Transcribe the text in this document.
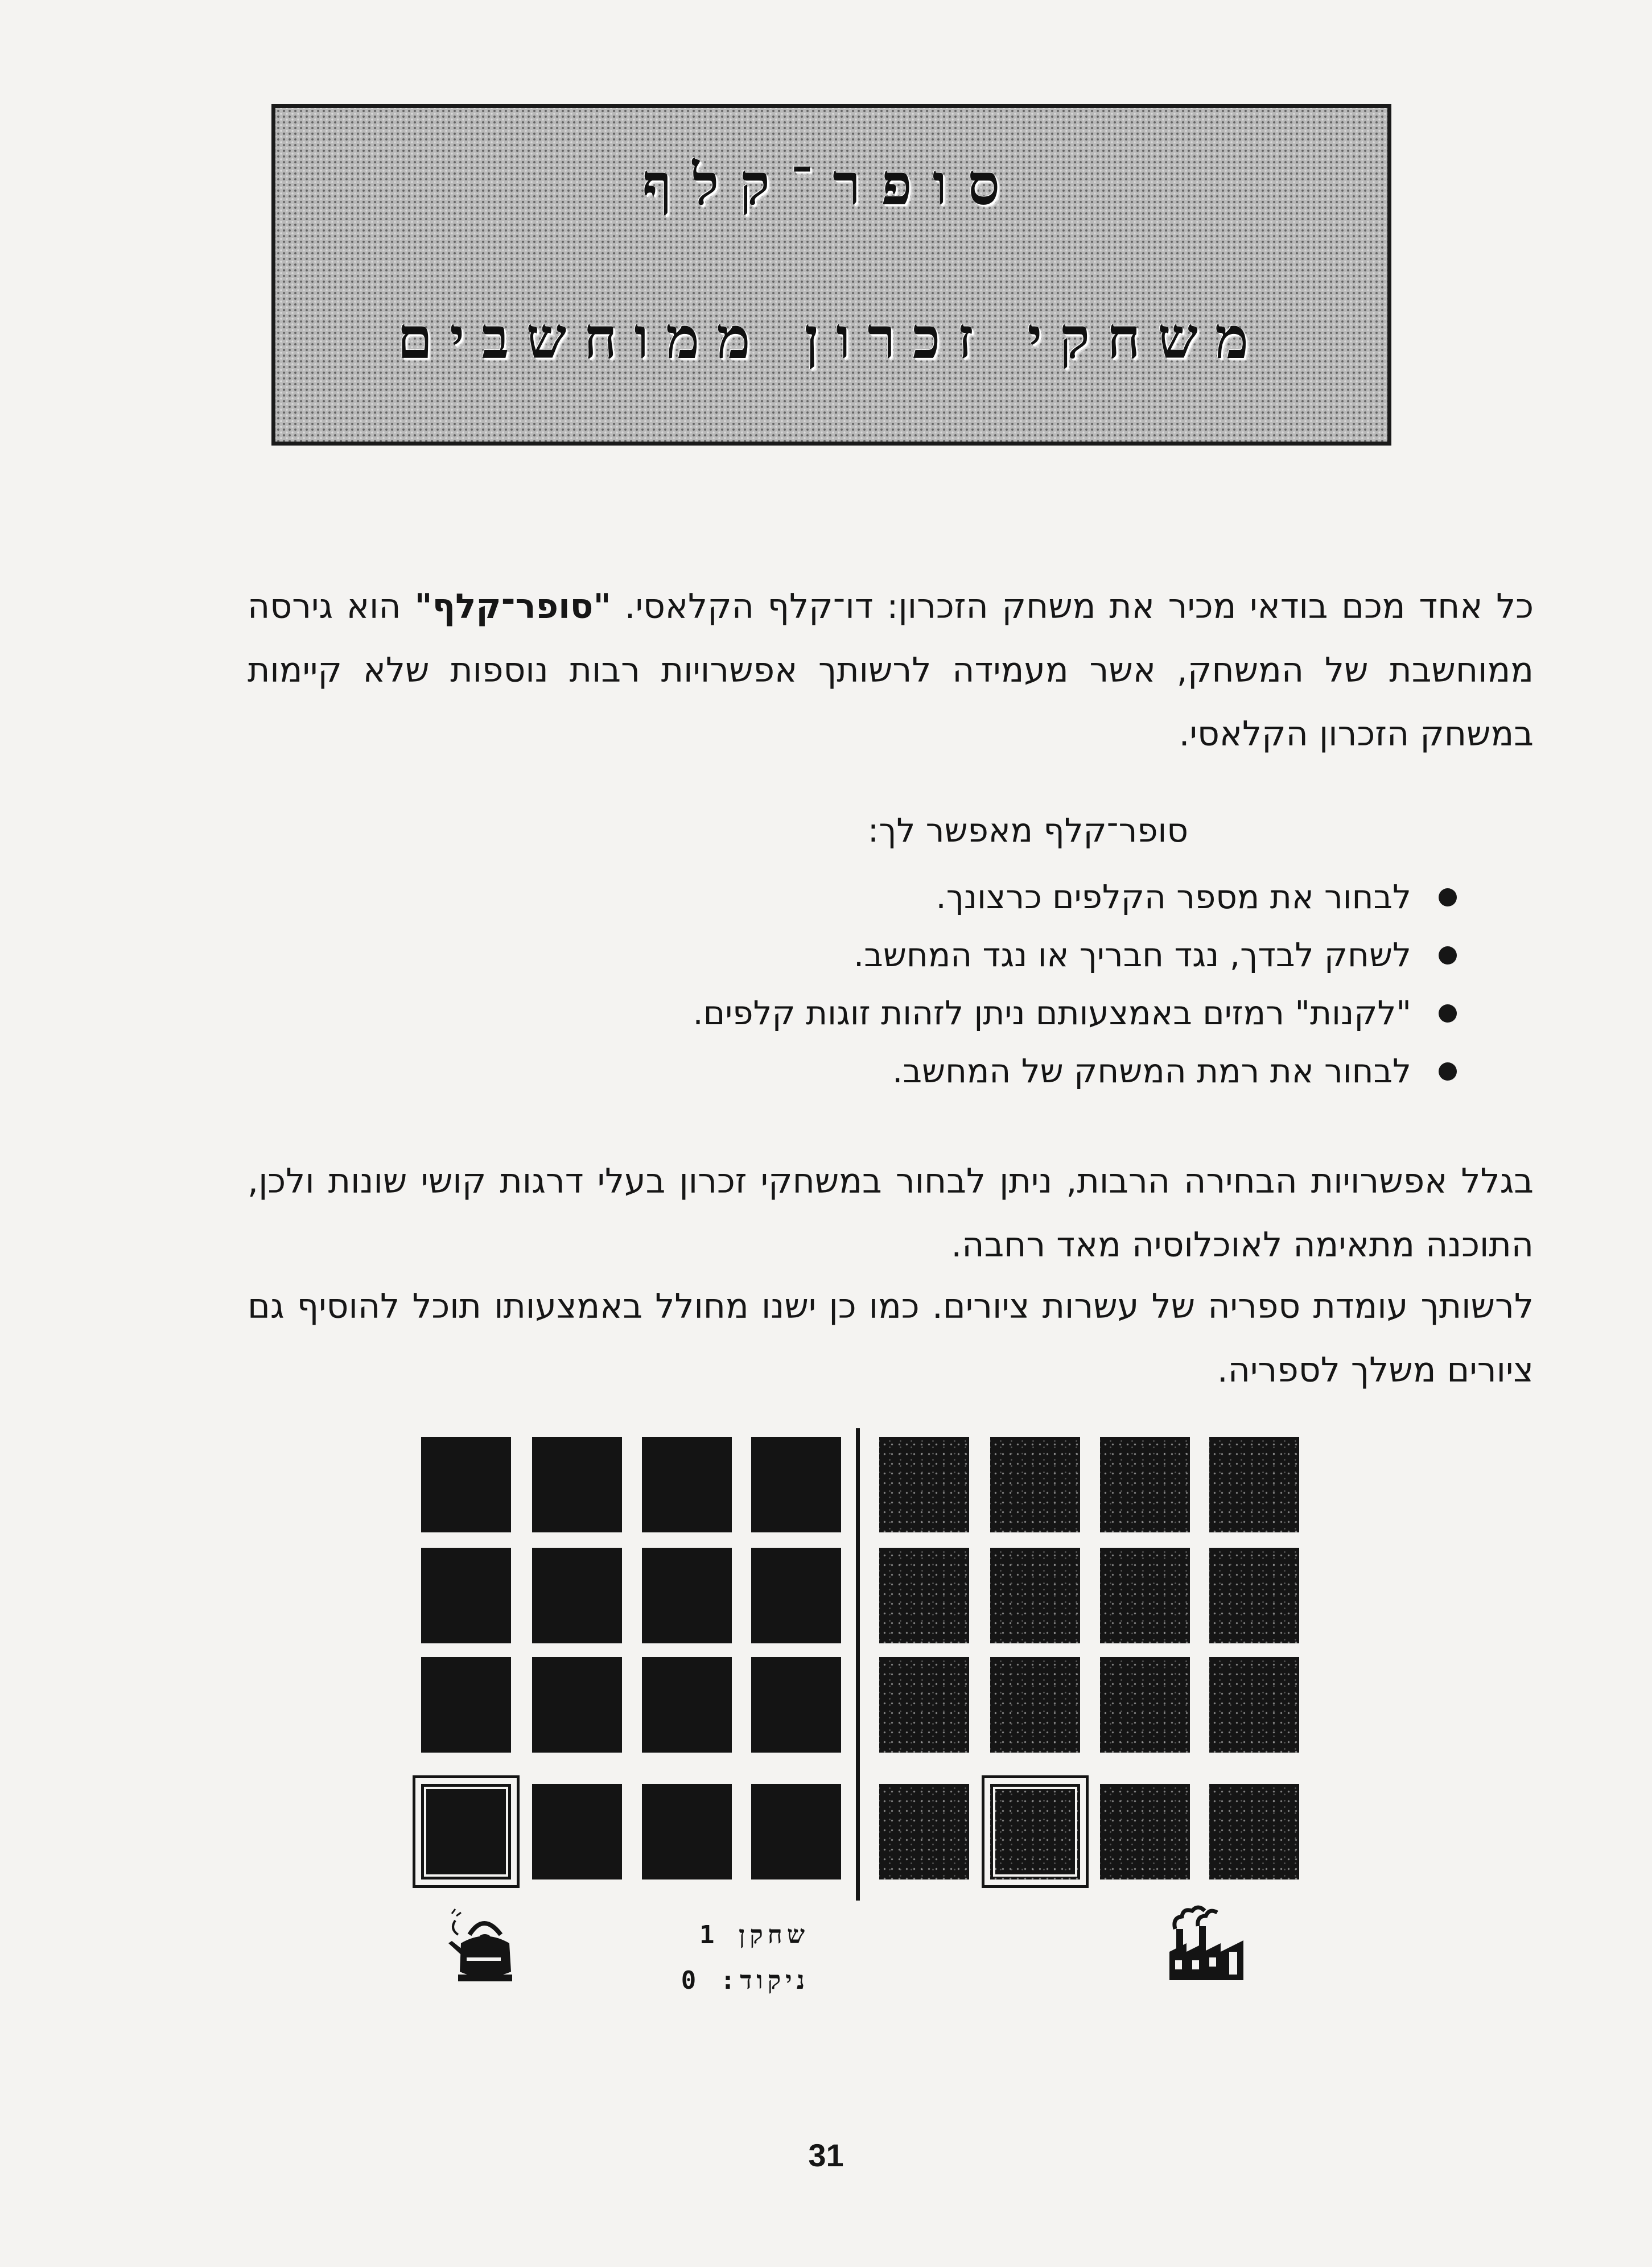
סופר־קלף
משחקי זכרון ממוחשבים

כל אחד מכם בודאי מכיר את משחק הזכרון: דו־קלף הקלאסי. "סופר־קלף" הוא גירסה ממוחשבת של המשחק, אשר מעמידה לרשותך אפשרויות רבות נוספות שלא קיימות במשחק הזכרון הקלאסי.

סופר־קלף מאפשר לך:
לבחור את מספר הקלפים כרצונך.
לשחק לבדך, נגד חבריך או נגד המחשב.
"לקנות" רמזים באמצעותם ניתן לזהות זוגות קלפים.
לבחור את רמת המשחק של המחשב.

בגלל אפשרויות הבחירה הרבות, ניתן לבחור במשחקי זכרון בעלי דרגות קושי שונות ולכן, התוכנה מתאימה לאוכלוסיה מאד רחבה.

לרשותך עומדת ספריה של עשרות ציורים. כמו כן ישנו מחולל באמצעותו תוכל להוסיף גם ציורים משלך לספריה.

שחקן 1
ניקוד: 0
31
